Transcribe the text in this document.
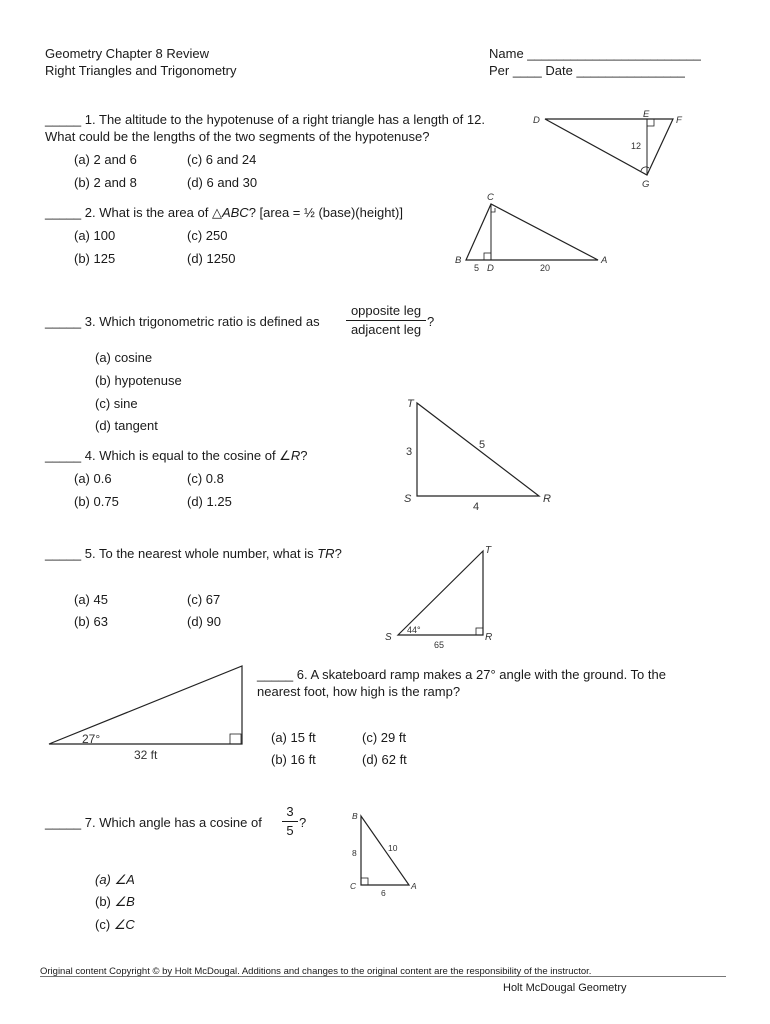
Geometry Chapter 8 Review
Right Triangles and Trigonometry
Name ________________________
Per ____ Date _______________
_____ 1. The altitude to the hypotenuse of a right triangle has a length of 12.
What could be the lengths of the two segments of the hypotenuse?
(a) 2 and 6
(b) 2 and 8
(c) 6 and 24
(d) 6 and 30
D
E
F
G
12
_____ 2. What is the area of △ABC? [area = ½ (base)(height)]
(a) 100
(b) 125
(c) 250
(d) 1250
C
B
D
A
5	20
_____ 3. Which trigonometric ratio is defined as
opposite leg
adjacent leg
?
(a) cosine
(b) hypotenuse
(c) sine
(d) tangent
_____ 4. Which is equal to the cosine of ∠R?
(a) 0.6
(b) 0.75
(c) 0.8
(d) 1.25
T
S	R
3
4
5
_____ 5. To the nearest whole number, what is TR?
(a) 45
(b) 63
(c) 67
(d) 90
T
S	R
44°
65
27°
32 ft
_____ 6. A skateboard ramp makes a 27° angle with the ground. To the
nearest foot, how high is the ramp?
(a) 15 ft
(b) 16 ft
(c) 29 ft
(d) 62 ft
_____ 7. Which angle has a cosine of
3
5
?
(a) ∠A
(b) ∠B
(c) ∠C
B
C	A
8	10
6
Original content Copyright © by Holt McDougal. Additions and changes to the original content are the responsibility of the instructor.
Holt McDougal Geometry
